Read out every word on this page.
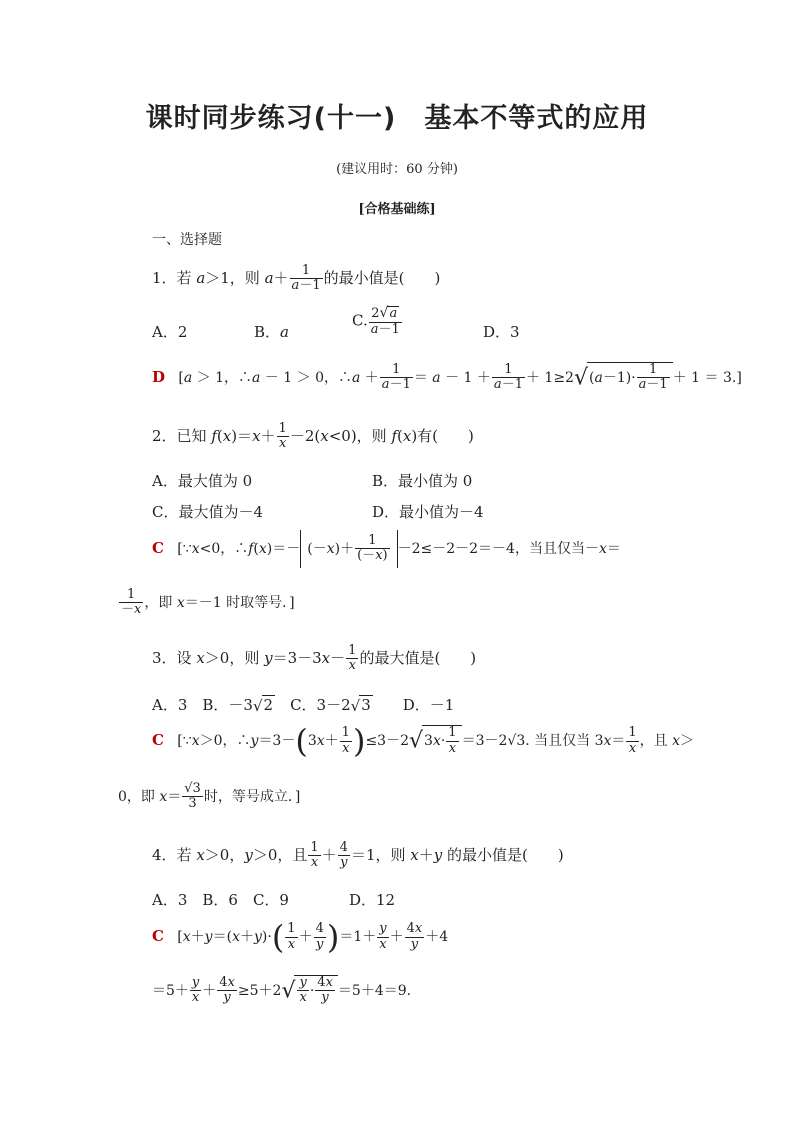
课时同步练习(十一)　基本不等式的应用
(建议用时：60 分钟)
[合格基础练]
一、选择题
1．若 a＞1，则 $a+ \frac{1}{a-1}$ 的最小值是(　　)
A．2	B．a
C. $\frac{2√a}{a-1}$	D．3
D   [a ＞ 1，∴a － 1 ＞ 0，∴a ＋ $\frac{1}{a-1} = a - 1 + \frac{1}{a-1} + 1\ge 2√(a-1)\cdot \frac{1}{a-1} + 1 = 3$.]
2．已知 $f(x)=x+ \frac{1}{x} -2(x<0)$，则 f(x)有(　　)
A．最大值为 0	B．最小值为 0
C．最大值为－4	D．最小值为－4
C   [∵x<0，∴f(x)＝－ $(-x)+ \frac{1}{(-x)} -2\le-2-2=-4$，当且仅当－x＝
$\frac{1}{-x}$ ，即 x＝－1 时取等号．]
3．设 x＞0，则 $y=3-3x- \frac{1}{x}$ 的最大值是(　　)
A．3　B．－3√2　C．3－2√3　　D．－1
C   [∵x＞0，∴y＝3－(3x＋ $\frac{1}{x} )\le 3-2√3x\cdot \frac{1}{x} =3-2√3$. 当且仅当 $3x= \frac{1}{x}$ ，且 x＞
0，即 $x= \frac{√3}{3}$ 时，等号成立．]
4．若 x＞0，y＞0，且 $\frac{1}{x} + \frac{4}{y} =1$，则 x＋y 的最小值是(　　)
A．3　B．6　C．9　　　　D．12
C   [$x+y=(x+y)\cdot( \frac{1}{x} + \frac{4}{y} )=1+ \frac{y}{x} + \frac{4x}{y} +4$
$=5+ \frac{y}{x} + \frac{4x}{y} \ge 5+2√ \frac{y}{x} \cdot \frac{4x}{y} =5+4=9$.
